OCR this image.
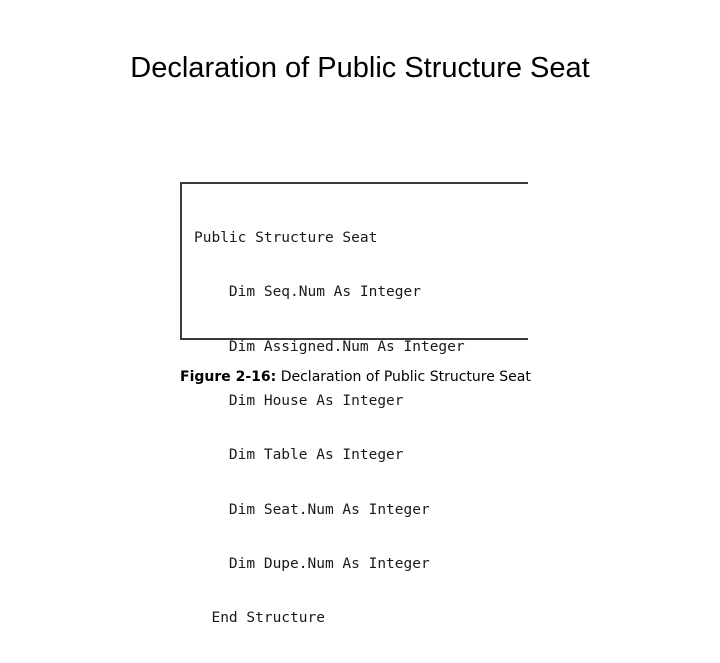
Declaration of Public Structure Seat

Public Structure Seat

Dim Seq.Num As Integer

Dim Assigned.Num As Integer

Dim House As Integer

Dim Table As Integer

Dim Seat.Num As Integer

Dim Dupe.Num As Integer

End Structure

Figure 2-16: Declaration of Public Structure Seat
